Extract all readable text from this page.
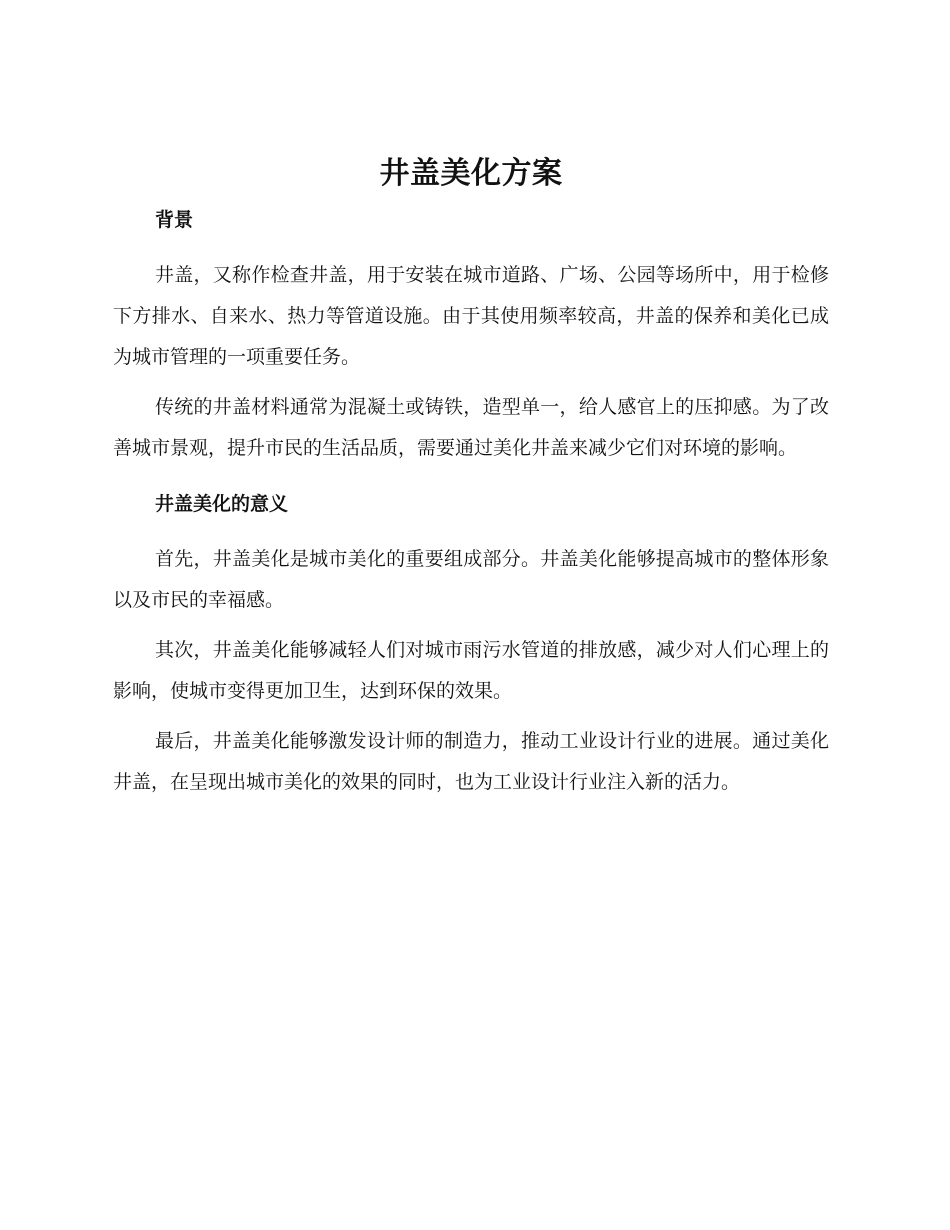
井盖美化方案
背景

井盖，又称作检查井盖，用于安装在城市道路、广场、公园等场所中，用于检修下方排水、自来水、热力等管道设施。由于其使用频率较高，井盖的保养和美化已成为城市管理的一项重要任务。

传统的井盖材料通常为混凝土或铸铁，造型单一，给人感官上的压抑感。为了改善城市景观，提升市民的生活品质，需要通过美化井盖来减少它们对环境的影响。

井盖美化的意义

首先，井盖美化是城市美化的重要组成部分。井盖美化能够提高城市的整体形象以及市民的幸福感。

其次，井盖美化能够减轻人们对城市雨污水管道的排放感，减少对人们心理上的影响，使城市变得更加卫生，达到环保的效果。

最后，井盖美化能够激发设计师的制造力，推动工业设计行业的进展。通过美化井盖，在呈现出城市美化的效果的同时，也为工业设计行业注入新的活力。
